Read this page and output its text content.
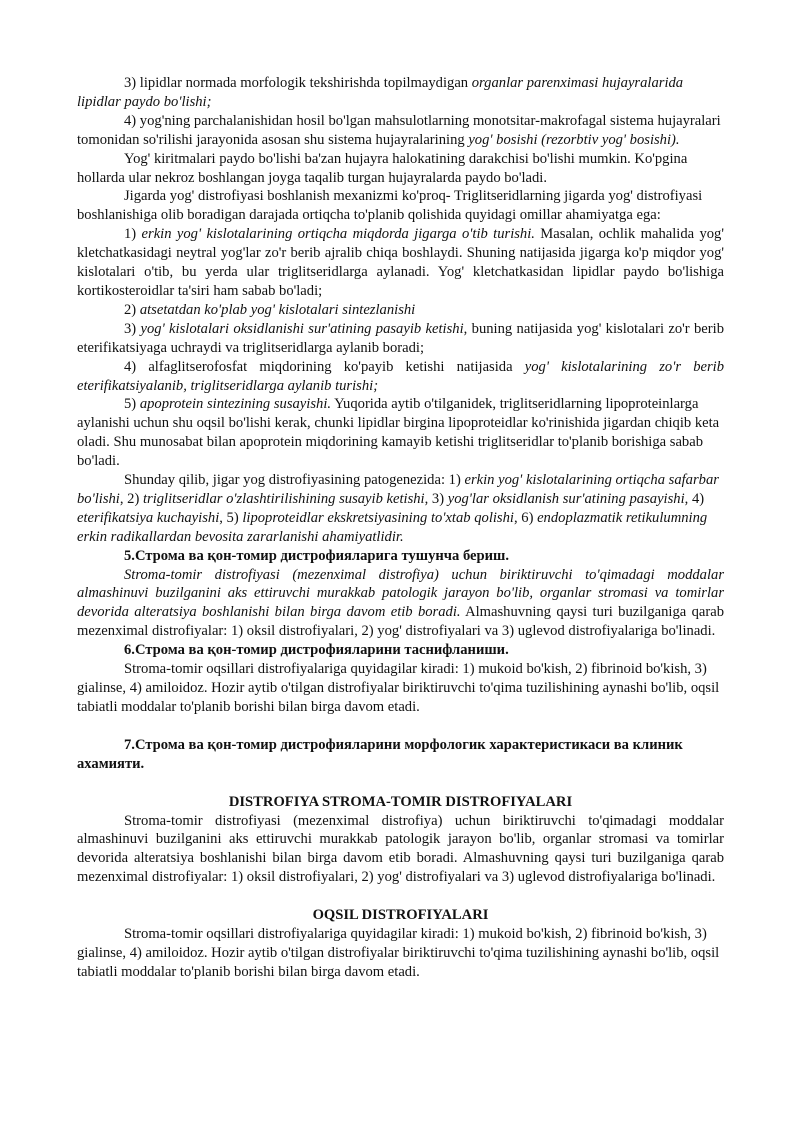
3) lipidlar normada morfologik tekshirishda topilmaydigan organlar parenximasi hujayralarida lipidlar paydo bo'lishi;

4) yog'ning parchalanishidan hosil bo'lgan mahsulotlarning monotsitar-makrofagal sistema hujayralari tomonidan so'rilishi jarayonida asosan shu sistema hujayralarining yog' bosishi (rezorbtiv yog' bosishi).

Yog' kiritmalari paydo bo'lishi ba'zan hujayra halokatining darakchisi bo'lishi mumkin. Ko'pgina hollarda ular nekroz boshlangan joyga taqalib turgan hujayralarda paydo bo'ladi.

Jigarda yog' distrofiyasi boshlanish mexanizmi ko'proq- Triglitseridlarning jigarda yog' distrofiyasi boshlanishiga olib boradigan darajada ortiqcha to'planib qolishida quyidagi omillar ahamiyatga ega:

1) erkin yog' kislotalarining ortiqcha miqdorda jigarga o'tib turishi. Masalan, ochlik mahalida yog' kletchatkasidagi neytral yog'lar zo'r berib ajralib chiqa boshlaydi. Shuning natijasida jigarga ko'p miqdor yog' kislotalari o'tib, bu yerda ular triglitseridlarga aylanadi. Yog' kletchatkasidan lipidlar paydo bo'lishiga kortikosteroidlar ta'siri ham sabab bo'ladi;

2) atsetatdan ko'plab yog' kislotalari sintezlanishi

3) yog' kislotalari oksidlanishi sur'atining pasayib ketishi, buning natijasida yog' kislotalari zo'r berib eterifikatsiyaga uchraydi va triglitseridlarga aylanib boradi;

4) alfaglitserofosfat miqdorining ko'payib ketishi natijasida yog' kislotalarining zo'r berib eterifikatsiyalanib, triglitseridlarga aylanib turishi;

5) apoprotein sintezining susayishi. Yuqorida aytib o'tilganidek, triglitseridlarning lipoproteinlarga aylanishi uchun shu oqsil bo'lishi kerak, chunki lipidlar birgina lipoproteidlar ko'rinishida jigardan chiqib keta oladi. Shu munosabat bilan apoprotein miqdorining kamayib ketishi triglitseridlar to'planib borishiga sabab bo'ladi.

Shunday qilib, jigar yog distrofiyasining patogenezida: 1) erkin yog' kislotalarining ortiqcha safarbar bo'lishi, 2) triglitseridlar o'zlashtirilishining susayib ketishi, 3) yog'lar oksidlanish sur'atining pasayishi, 4) eterifikatsiya kuchayishi, 5) lipoproteidlar ekskretsiyasining to'xtab qolishi, 6) endoplazmatik retikulumning erkin radikallardan bevosita zararlanishi ahamiyatlidir.

5.Строма ва қон-томир дистрофияларига тушунча бериш.

Stroma-tomir distrofiyasi (mezenximal distrofiya) uchun biriktiruvchi to'qimadagi moddalar almashinuvi buzilganini aks ettiruvchi murakkab patologik jarayon bo'lib, organlar stromasi va tomirlar devorida alteratsiya boshlanishi bilan birga davom etib boradi. Almashuvning qaysi turi buzilganiga qarab mezenximal distrofiyalar: 1) oksil distrofiyalari, 2) yog' distrofiyalari va 3) uglevod distrofiyalariga bo'linadi.

6.Строма ва қон-томир дистрофияларини таснифланиши.

Stroma-tomir oqsillari distrofiyalariga quyidagilar kiradi: 1) mukoid bo'kish, 2) fibrinoid bo'kish, 3) gialinse, 4) amiloidoz. Hozir aytib o'tilgan distrofiyalar biriktiruvchi to'qima tuzilishining aynashi bo'lib, oqsil tabiatli moddalar to'planib borishi bilan birga davom etadi.

7.Строма ва қон-томир дистрофияларини морфологик характеристикаси ва клиник ахамияти.

DISTROFIYA STROMA-TOMIR DISTROFIYALARI

Stroma-tomir distrofiyasi (mezenximal distrofiya) uchun biriktiruvchi to'qimadagi moddalar almashinuvi buzilganini aks ettiruvchi murakkab patologik jarayon bo'lib, organlar stromasi va tomirlar devorida alteratsiya boshlanishi bilan birga davom etib boradi. Almashuvning qaysi turi buzilganiga qarab mezenximal distrofiyalar: 1) oksil distrofiyalari, 2) yog' distrofiyalari va 3) uglevod distrofiyalariga bo'linadi.

OQSIL DISTROFIYALARI

Stroma-tomir oqsillari distrofiyalariga quyidagilar kiradi: 1) mukoid bo'kish, 2) fibrinoid bo'kish, 3) gialinse, 4) amiloidoz. Hozir aytib o'tilgan distrofiyalar biriktiruvchi to'qima tuzilishining aynashi bo'lib, oqsil tabiatli moddalar to'planib borishi bilan birga davom etadi.
